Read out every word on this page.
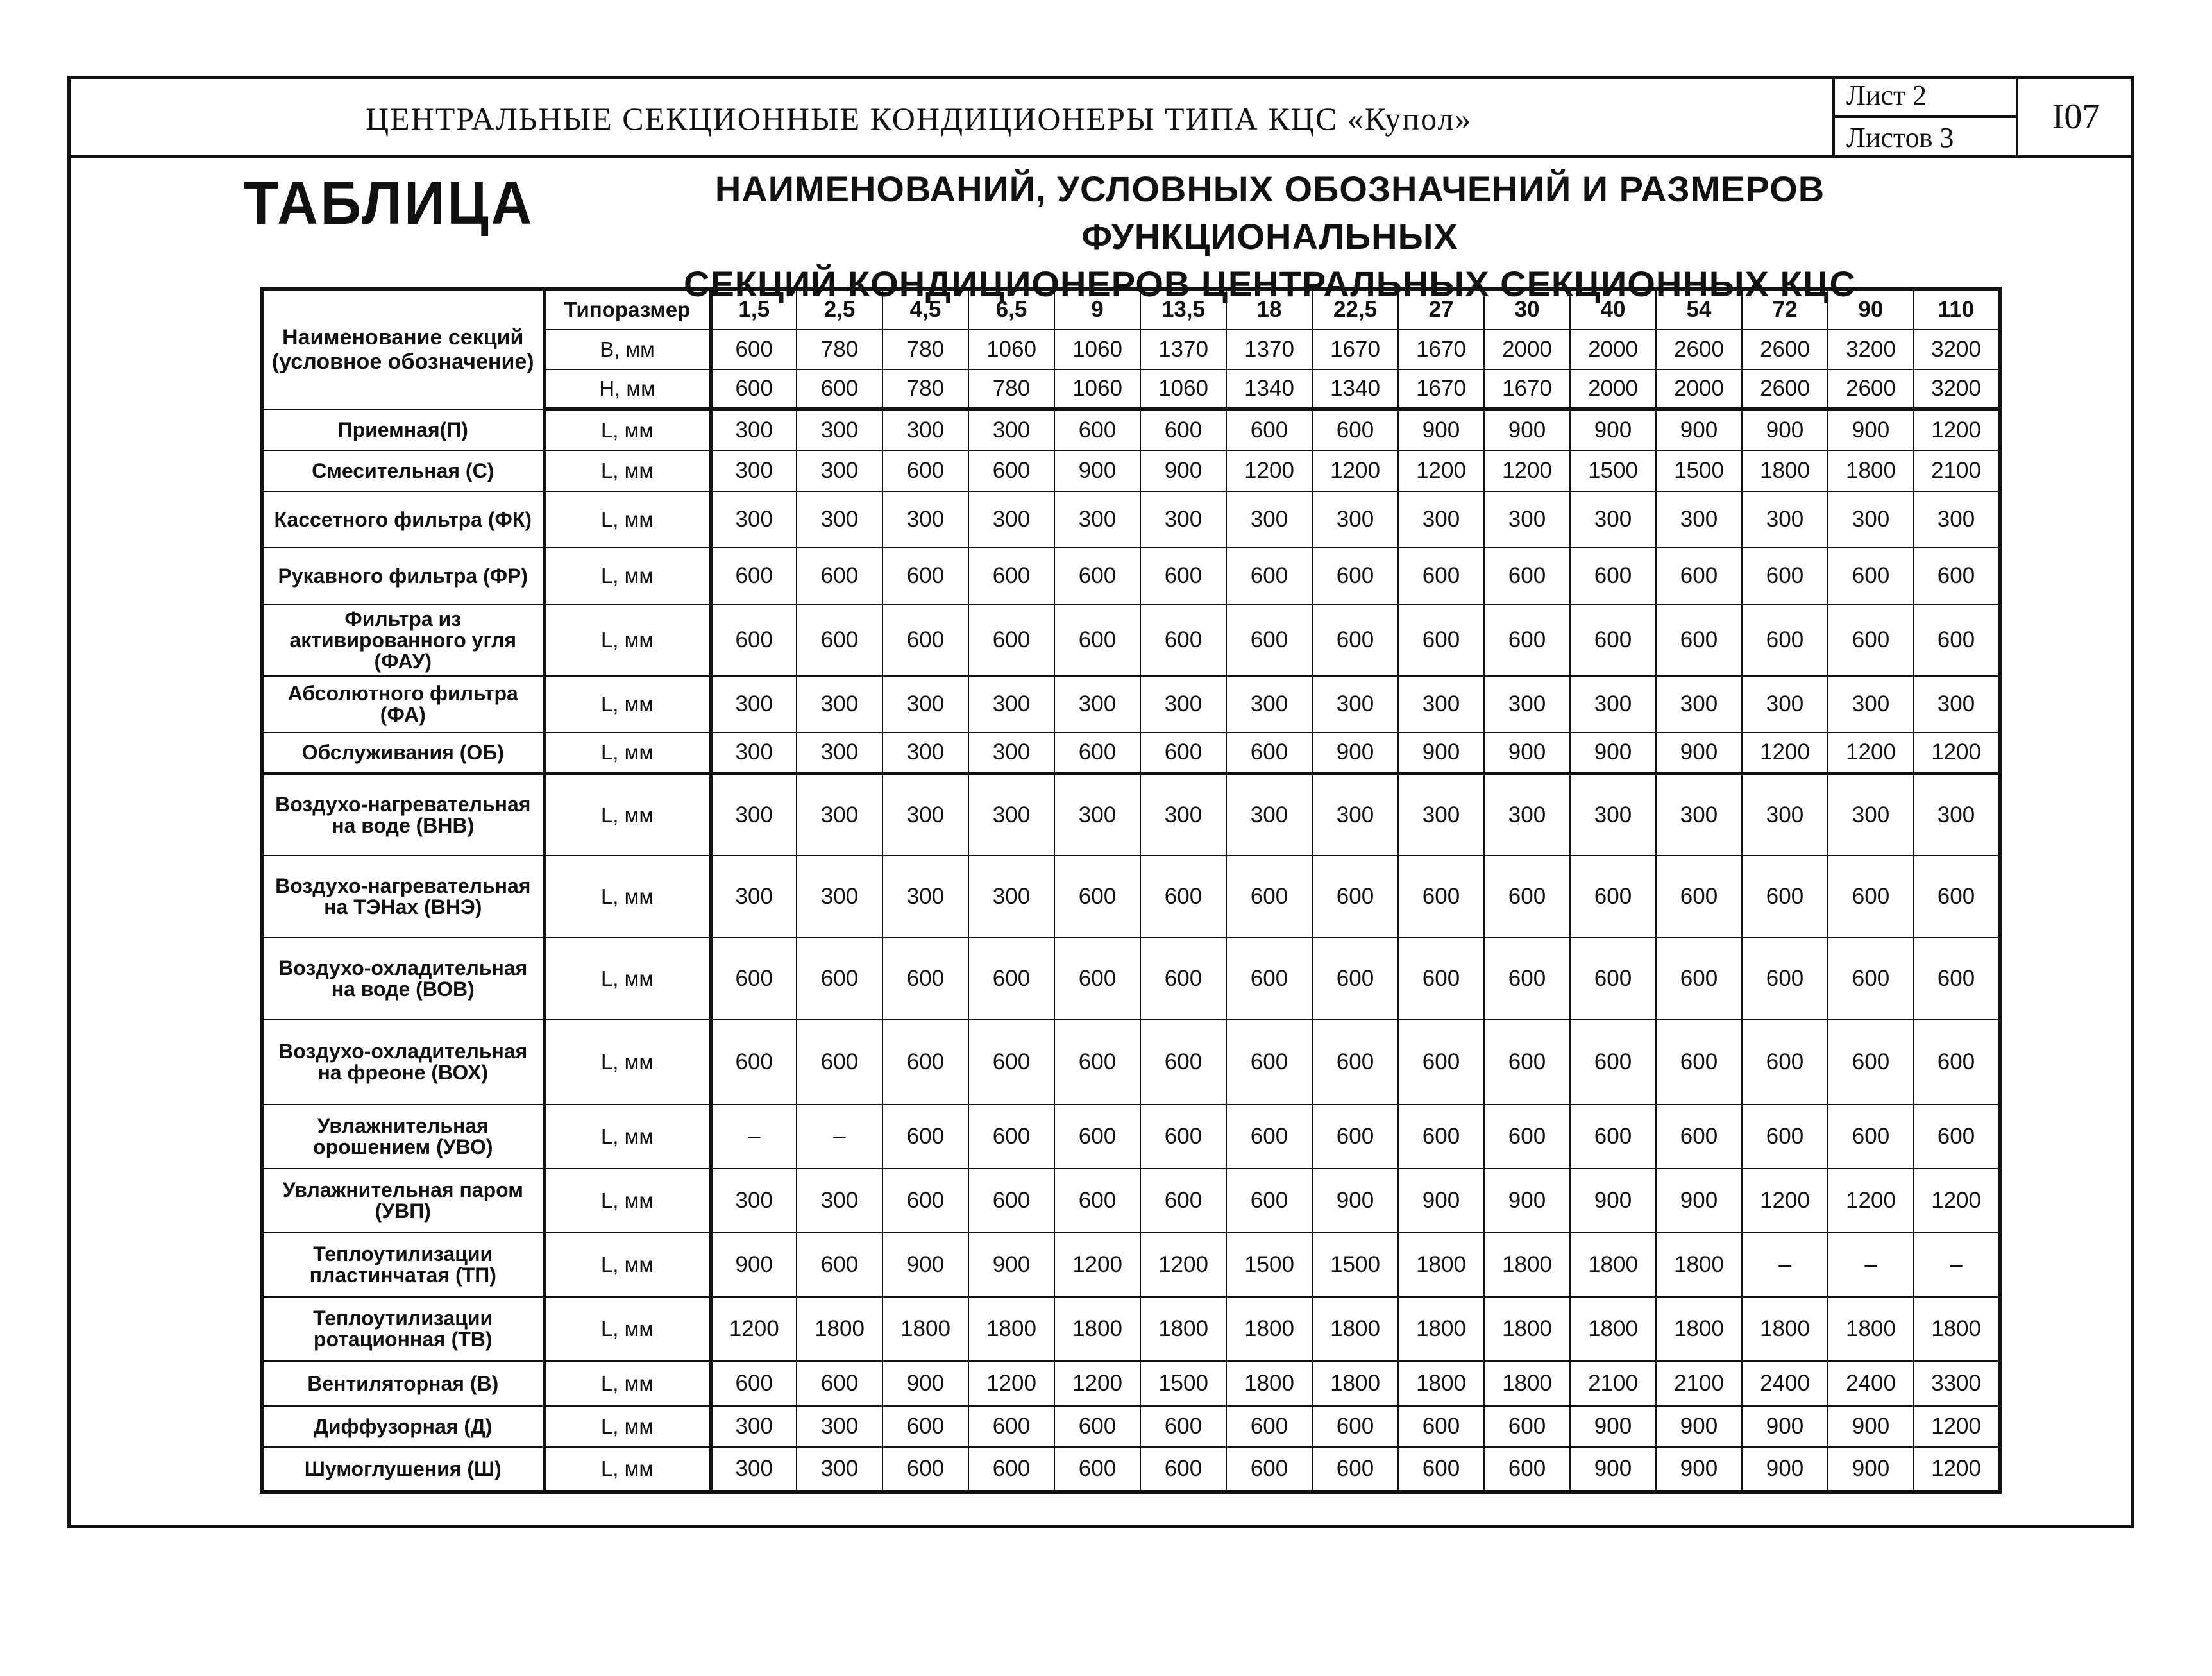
ЦЕНТРАЛЬНЫЕ СЕКЦИОННЫЕ КОНДИЦИОНЕРЫ ТИПА КЦС «Купол»
Лист 2
Листов 3
I07
ТАБЛИЦА	НАИМЕНОВАНИЙ, УСЛОВНЫХ ОБОЗНАЧЕНИЙ И РАЗМЕРОВ ФУНКЦИОНАЛЬНЫХ
СЕКЦИЙ КОНДИЦИОНЕРОВ ЦЕНТРАЛЬНЫХ СЕКЦИОННЫХ КЦС
Наименование секций (условное обозначение)	Типоразмер	1,5	2,5	4,5	6,5	9	13,5	18	22,5	27	30	40	54	72	90	110
	В, мм	600	780	780	1060	1060	1370	1370	1670	1670	2000	2000	2600	2600	3200	3200
	Н, мм	600	600	780	780	1060	1060	1340	1340	1670	1670	2000	2000	2600	2600	3200
Приемная(П)	L, мм	300	300	300	300	600	600	600	600	900	900	900	900	900	900	1200
Смесительная (С)	L, мм	300	300	600	600	900	900	1200	1200	1200	1200	1500	1500	1800	1800	2100
Кассетного фильтра (ФК)	L, мм	300	300	300	300	300	300	300	300	300	300	300	300	300	300	300
Рукавного фильтра (ФР)	L, мм	600	600	600	600	600	600	600	600	600	600	600	600	600	600	600
Фильтра из активированного угля (ФАУ)	L, мм	600	600	600	600	600	600	600	600	600	600	600	600	600	600	600
Абсолютного фильтра (ФА)	L, мм	300	300	300	300	300	300	300	300	300	300	300	300	300	300	300
Обслуживания (ОБ)	L, мм	300	300	300	300	600	600	600	900	900	900	900	900	1200	1200	1200
Воздухо-нагревательная на воде (ВНВ)	L, мм	300	300	300	300	300	300	300	300	300	300	300	300	300	300	300
Воздухо-нагревательная на ТЭНах (ВНЭ)	L, мм	300	300	300	300	600	600	600	600	600	600	600	600	600	600	600
Воздухо-охладительная на воде (ВОВ)	L, мм	600	600	600	600	600	600	600	600	600	600	600	600	600	600	600
Воздухо-охладительная на фреоне (ВОХ)	L, мм	600	600	600	600	600	600	600	600	600	600	600	600	600	600	600
Увлажнительная орошением (УВО)	L, мм	–	–	600	600	600	600	600	600	600	600	600	600	600	600	600
Увлажнительная паром (УВП)	L, мм	300	300	600	600	600	600	600	900	900	900	900	900	1200	1200	1200
Теплоутилизации пластинчатая (ТП)	L, мм	900	600	900	900	1200	1200	1500	1500	1800	1800	1800	1800	–	–	–
Теплоутилизации ротационная (ТВ)	L, мм	1200	1800	1800	1800	1800	1800	1800	1800	1800	1800	1800	1800	1800	1800	1800
Вентиляторная (В)	L, мм	600	600	900	1200	1200	1500	1800	1800	1800	1800	2100	2100	2400	2400	3300
Диффузорная (Д)	L, мм	300	300	600	600	600	600	600	600	600	600	900	900	900	900	1200
Шумоглушения (Ш)	L, мм	300	300	600	600	600	600	600	600	600	600	900	900	900	900	1200
